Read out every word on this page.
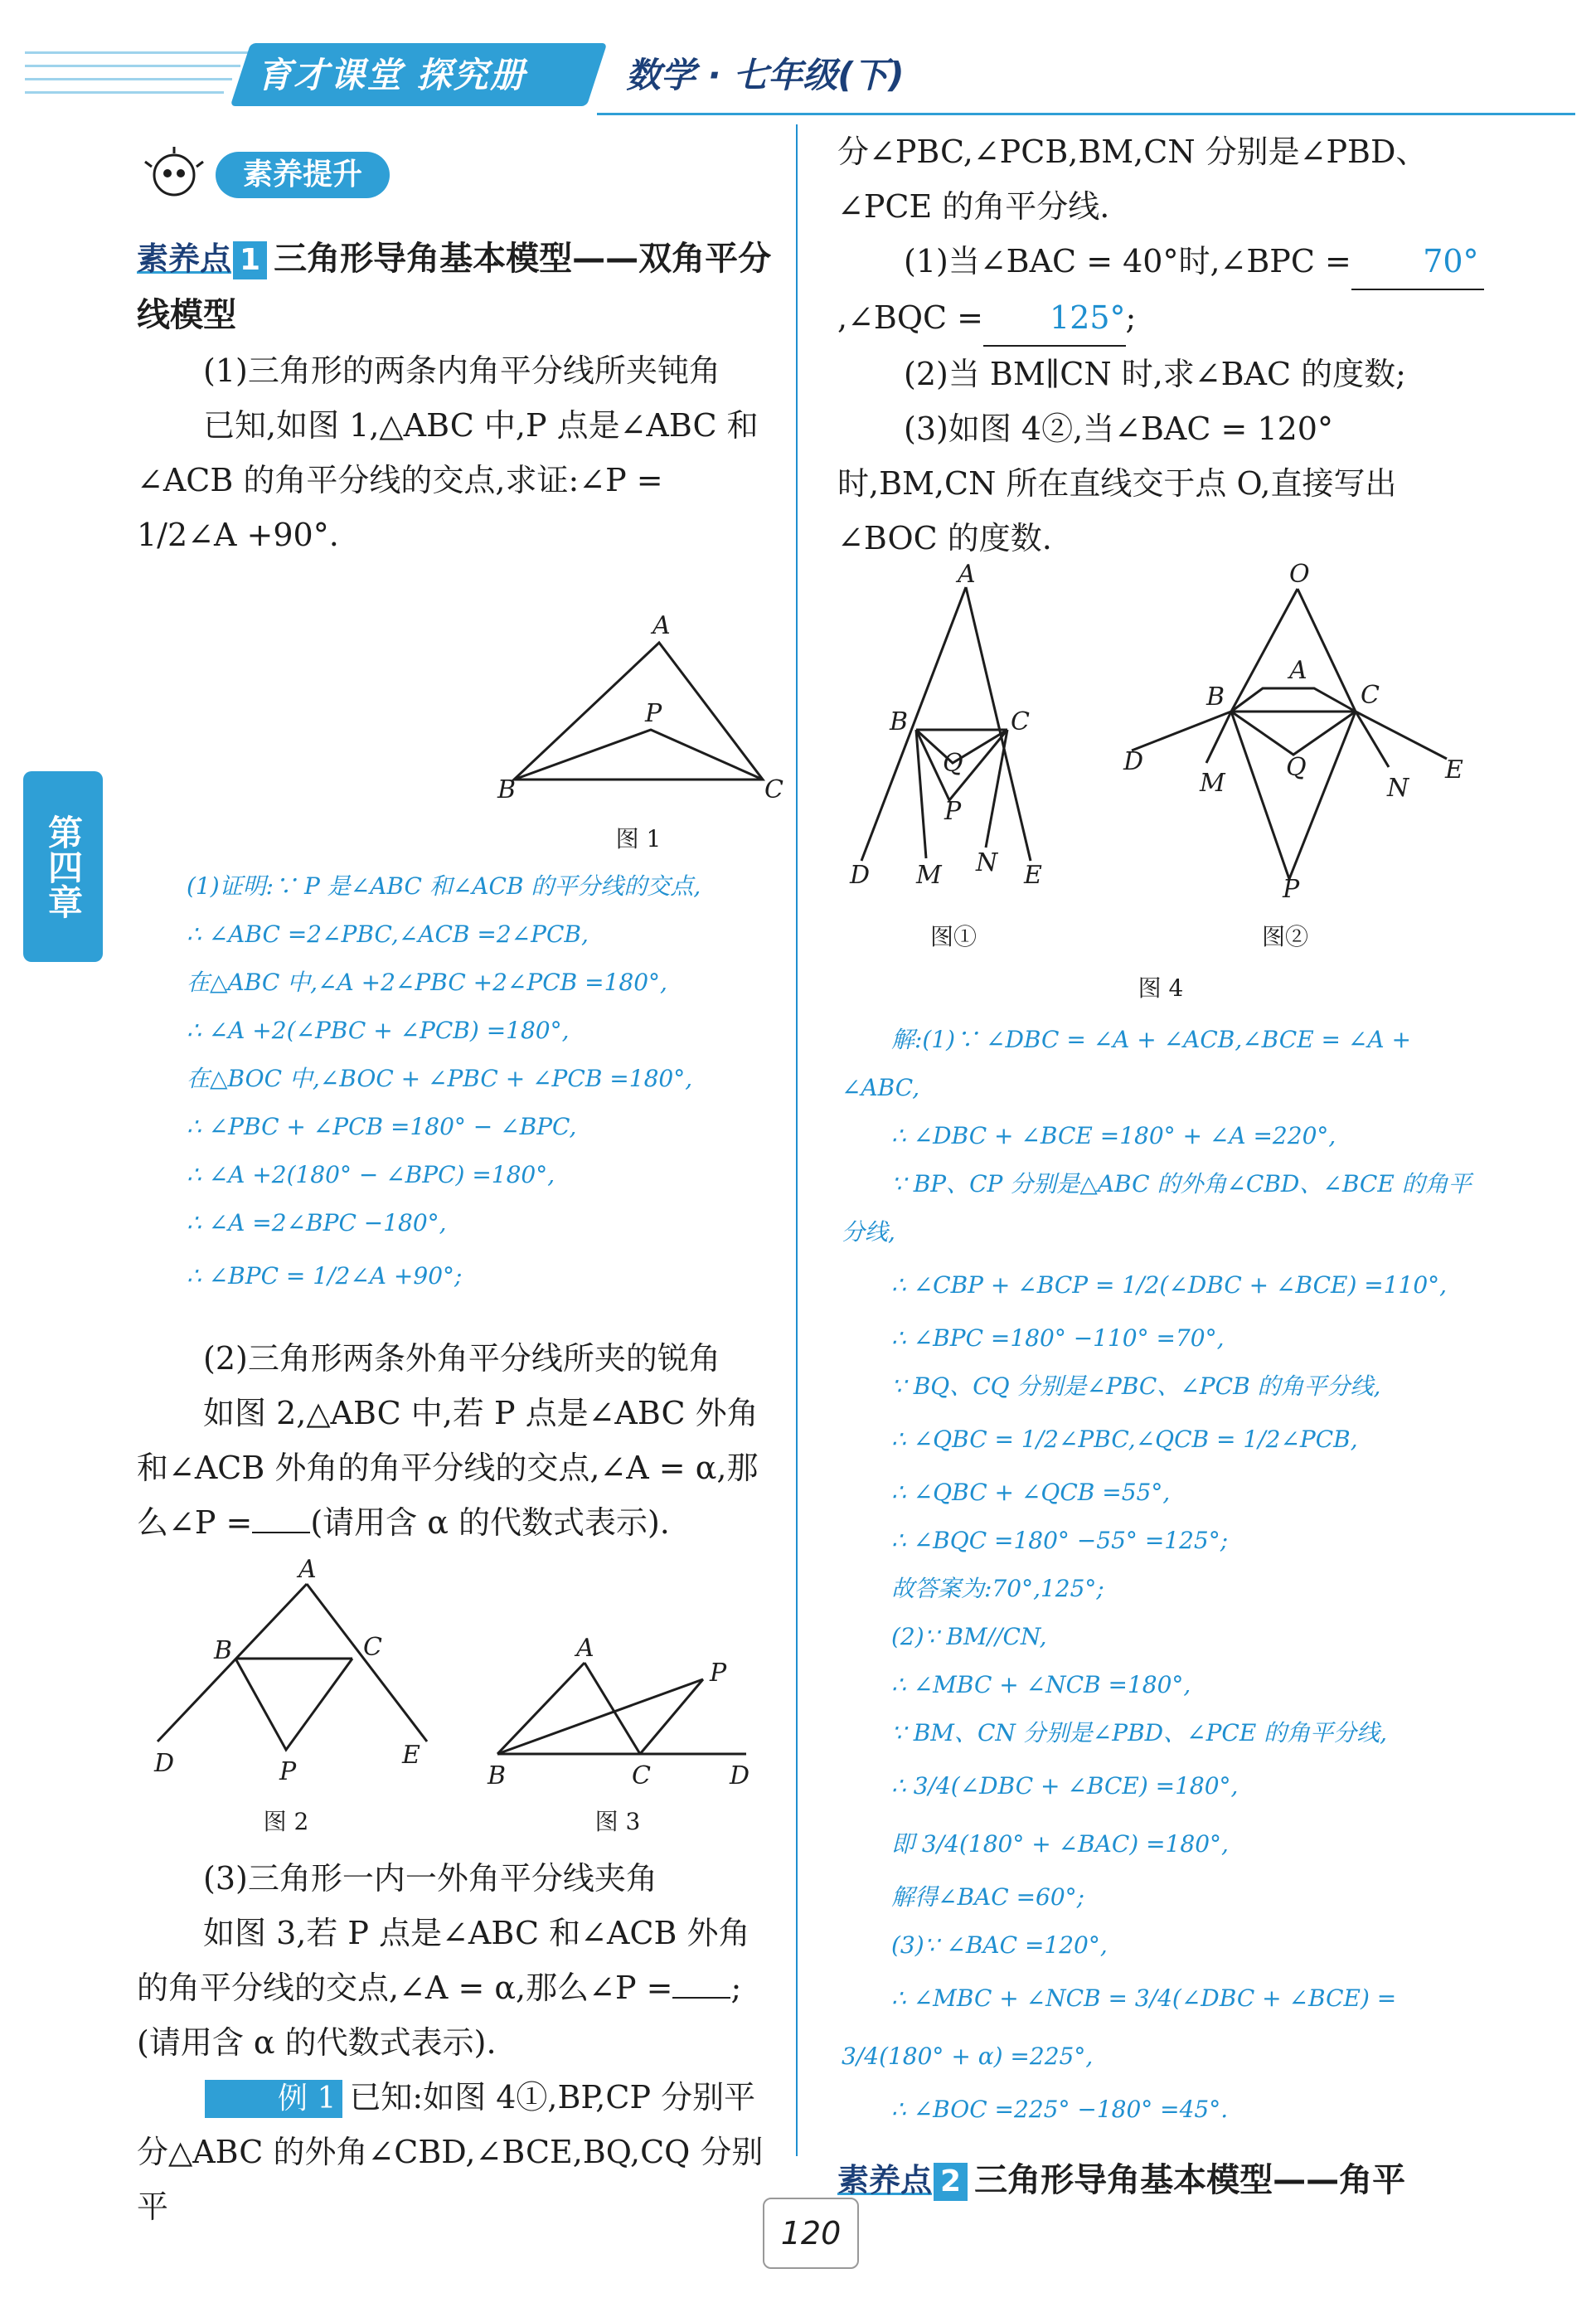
育才课堂 探究册	数学 · 七年级(下)
第四章
素养提升

素养点 1 三角形导角基本模型——双角平分线模型

(1)三角形的两条内角平分线所夹钝角

已知,如图 1,△ABC 中,P 点是∠ABC 和∠ACB 的角平分线的交点,求证:∠P =

1/2∠A +90°.

A
P
B	C
图 1

(1)证明:∵ P 是∠ABC 和∠ACB 的平分线的交点,

∴ ∠ABC =2∠PBC,∠ACB =2∠PCB,

在△ABC 中,∠A +2∠PBC +2∠PCB =180°,

∴ ∠A +2(∠PBC + ∠PCB) =180°,

在△BOC 中,∠BOC + ∠PBC + ∠PCB =180°,

∴ ∠PBC + ∠PCB =180° − ∠BPC,

∴ ∠A +2(180° − ∠BPC) =180°,

∴ ∠A =2∠BPC −180°,

∴ ∠BPC = 1/2∠A +90°;

(2)三角形两条外角平分线所夹的锐角

如图 2,△ABC 中,若 P 点是∠ABC 外角和∠ACB 外角的角平分线的交点,∠A = α,那么∠P = (请用含 α 的代数式表示).

A
B	C
D	P
E
图 2
A
P
B	C	D
图 3

(3)三角形一内一外角平分线夹角

如图 3,若 P 点是∠ABC 和∠ACB 外角的角平分线的交点,∠A = α,那么∠P = ;(请用含 α 的代数式表示).

例 1 已知:如图 4①,BP,CP 分别平分△ABC 的外角∠CBD,∠BCE,BQ,CQ 分别平

分∠PBC,∠PCB,BM,CN 分别是∠PBD、∠PCE 的角平分线.

(1)当∠BAC = 40°时,∠BPC = 70°,∠BQC = 125°;

(2)当 BM∥CN 时,求∠BAC 的度数;

(3)如图 4②,当∠BAC = 120°时,BM,CN 所在直线交于点 O,直接写出∠BOC 的度数.

A
B	C
Q
P
D M N E
图①
O
A
B	C
D	Q
M	E
N
P
图②
图 4

解:(1)∵ ∠DBC = ∠A + ∠ACB,∠BCE = ∠A + ∠ABC,

∴ ∠DBC + ∠BCE =180° + ∠A =220°,

∵ BP、CP 分别是△ABC 的外角∠CBD、∠BCE 的角平分线,

∴ ∠CBP + ∠BCP = 1/2(∠DBC + ∠BCE) =110°,

∴ ∠BPC =180° −110° =70°,

∵ BQ、CQ 分别是∠PBC、∠PCB 的角平分线,

∴ ∠QBC = 1/2∠PBC,∠QCB = 1/2∠PCB,

∴ ∠QBC + ∠QCB =55°,

∴ ∠BQC =180° −55° =125°;

故答案为:70°,125°;

(2)∵ BM//CN,

∴ ∠MBC + ∠NCB =180°,

∵ BM、CN 分别是∠PBD、∠PCE 的角平分线,

∴ 3/4(∠DBC + ∠BCE) =180°,

即 3/4(180° + ∠BAC) =180°,

解得∠BAC =60°;

(3)∵ ∠BAC =120°,

∴ ∠MBC + ∠NCB = 3/4(∠DBC + ∠BCE) = 3/4(180° + α) =225°,

∴ ∠BOC =225° −180° =45°.

素养点 2 三角形导角基本模型——角平

120
